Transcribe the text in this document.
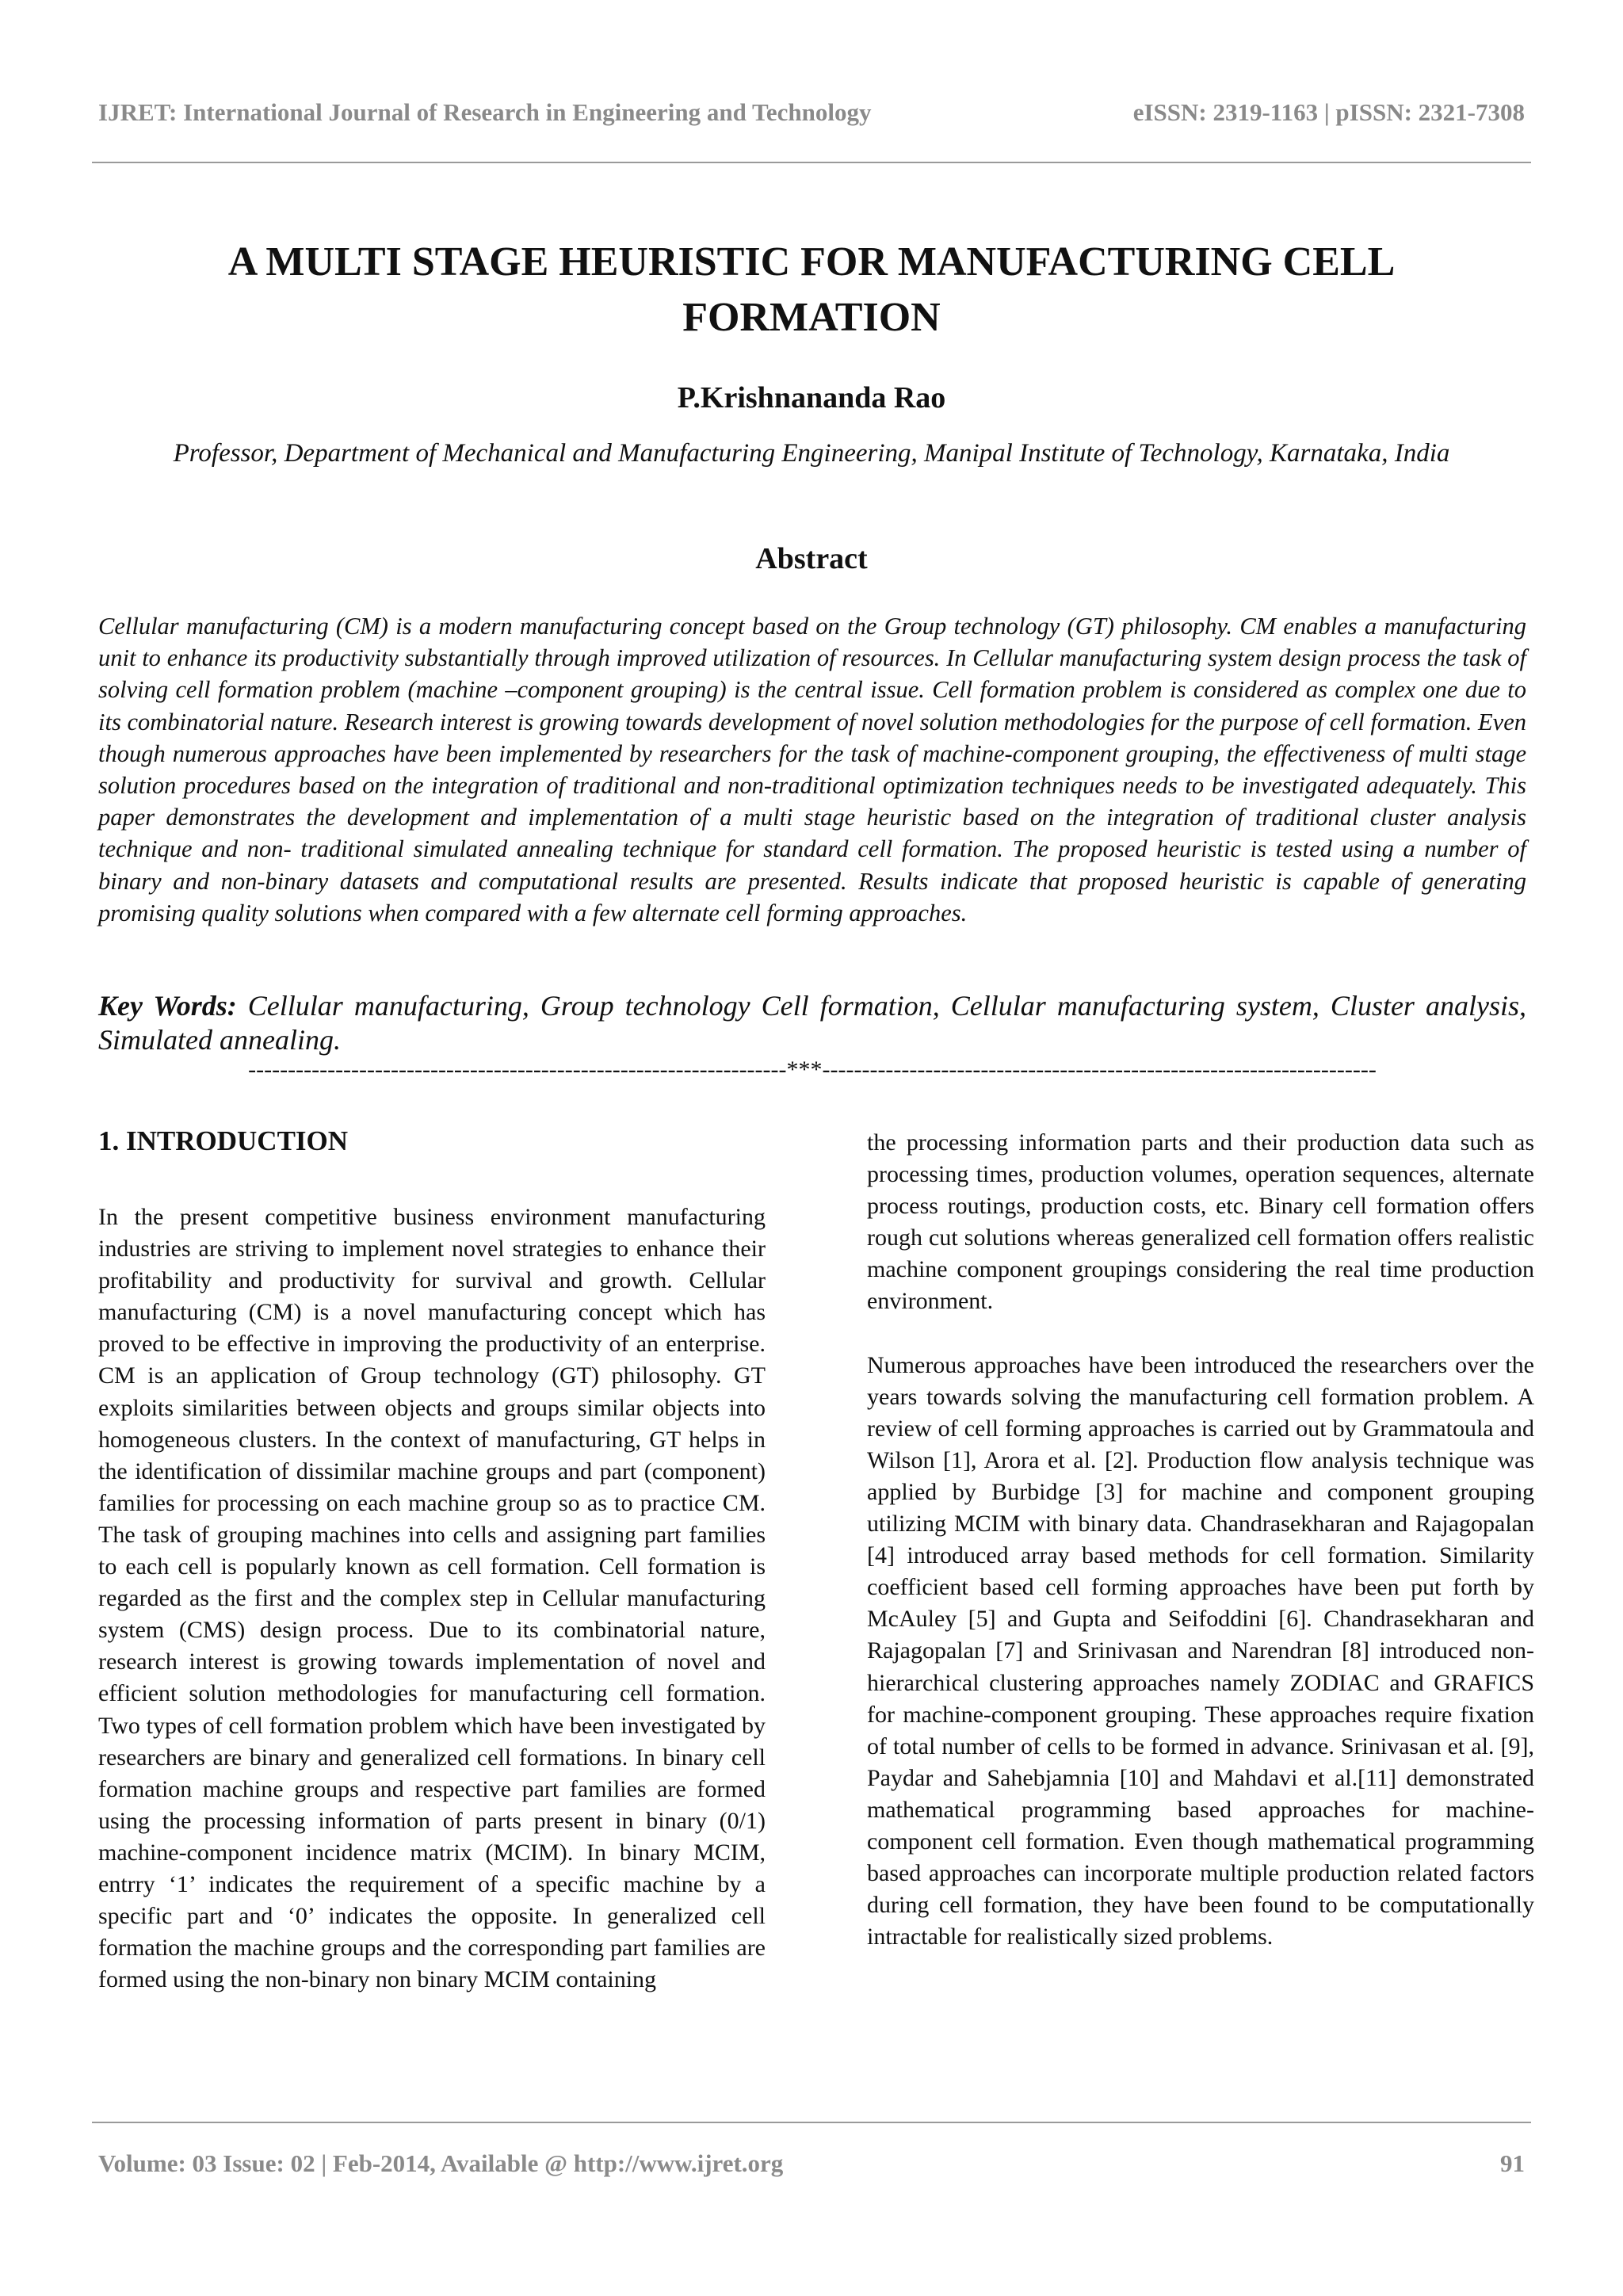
IJRET: International Journal of Research in Engineering and Technology	eISSN: 2319-1163 | pISSN: 2321-7308
A MULTI STAGE HEURISTIC FOR MANUFACTURING CELL FORMATION
P.Krishnananda Rao
Professor, Department of Mechanical and Manufacturing Engineering, Manipal Institute of Technology, Karnataka, India
Abstract
Cellular manufacturing (CM) is a modern manufacturing concept based on the Group technology (GT) philosophy. CM enables a manufacturing unit to enhance its productivity substantially through improved utilization of resources. In Cellular manufacturing system design process the task of solving cell formation problem (machine –component grouping) is the central issue. Cell formation problem is considered as complex one due to its combinatorial nature. Research interest is growing towards development of novel solution methodologies for the purpose of cell formation. Even though numerous approaches have been implemented by researchers for the task of machine-component grouping, the effectiveness of multi stage solution procedures based on the integration of traditional and non-traditional optimization techniques needs to be investigated adequately. This paper demonstrates the development and implementation of a multi stage heuristic based on the integration of traditional cluster analysis technique and non- traditional simulated annealing technique for standard cell formation. The proposed heuristic is tested using a number of binary and non-binary datasets and computational results are presented. Results indicate that proposed heuristic is capable of generating promising quality solutions when compared with a few alternate cell forming approaches.
Key Words: Cellular manufacturing, Group technology Cell formation, Cellular manufacturing system, Cluster analysis, Simulated annealing.
--------------------------------------------------------------------***----------------------------------------------------------------------
1. INTRODUCTION

In the present competitive business environment manufacturing industries are striving to implement novel strategies to enhance their profitability and productivity for survival and growth. Cellular manufacturing (CM) is a novel manufacturing concept which has proved to be effective in improving the productivity of an enterprise. CM is an application of Group technology (GT) philosophy. GT exploits similarities between objects and groups similar objects into homogeneous clusters. In the context of manufacturing, GT helps in the identification of dissimilar machine groups and part (component) families for processing on each machine group so as to practice CM. The task of grouping machines into cells and assigning part families to each cell is popularly known as cell formation. Cell formation is regarded as the first and the complex step in Cellular manufacturing system (CMS) design process. Due to its combinatorial nature, research interest is growing towards implementation of novel and efficient solution methodologies for manufacturing cell formation. Two types of cell formation problem which have been investigated by researchers are binary and generalized cell formations. In binary cell formation machine groups and respective part families are formed using the processing information of parts present in binary (0/1) machine-component incidence matrix (MCIM). In binary MCIM, entrry ‘1’ indicates the requirement of a specific machine by a specific part and ‘0’ indicates the opposite. In generalized cell formation the machine groups and the corresponding part families are formed using the non-binary non binary MCIM containing

the processing information parts and their production data such as processing times, production volumes, operation sequences, alternate process routings, production costs, etc. Binary cell formation offers rough cut solutions whereas generalized cell formation offers realistic machine component groupings considering the real time production environment.

Numerous approaches have been introduced the researchers over the years towards solving the manufacturing cell formation problem. A review of cell forming approaches is carried out by Grammatoula and Wilson [1], Arora et al. [2]. Production flow analysis technique was applied by Burbidge [3] for machine and component grouping utilizing MCIM with binary data. Chandrasekharan and Rajagopalan [4] introduced array based methods for cell formation. Similarity coefficient based cell forming approaches have been put forth by McAuley [5] and Gupta and Seifoddini [6]. Chandrasekharan and Rajagopalan [7] and Srinivasan and Narendran [8] introduced non- hierarchical clustering approaches namely ZODIAC and GRAFICS for machine-component grouping. These approaches require fixation of total number of cells to be formed in advance. Srinivasan et al. [9], Paydar and Sahebjamnia [10] and Mahdavi et al.[11] demonstrated mathematical programming based approaches for machine-component cell formation. Even though mathematical programming based approaches can incorporate multiple production related factors during cell formation, they have been found to be computationally intractable for realistically sized problems.

Volume: 03 Issue: 02 | Feb-2014, Available @ http://www.ijret.org	91
